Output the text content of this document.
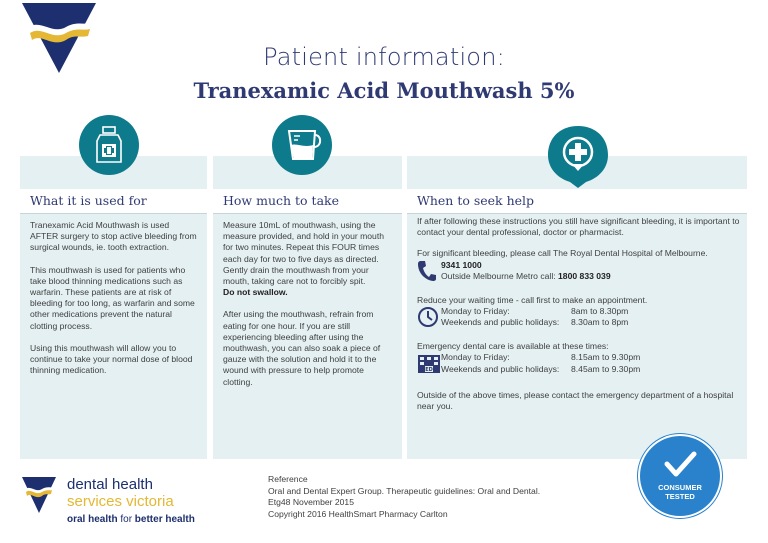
Patient information:
Tranexamic Acid Mouthwash 5%
What it is used for

Tranexamic Acid Mouthwash is used AFTER surgery to stop active bleeding from surgical wounds, ie. tooth extraction.

This mouthwash is used for patients who take blood thinning medications such as warfarin. These patients are at risk of bleeding for too long, as warfarin and some other medications prevent the natural clotting process.

Using this mouthwash will allow you to continue to take your normal dose of blood thinning medication.

How much to take

Measure 10mL of mouthwash, using the measure provided, and hold in your mouth for two minutes. Repeat this FOUR times each day for two to five days as directed. Gently drain the mouthwash from your mouth, taking care not to forcibly spit.

Do not swallow.

After using the mouthwash, refrain from eating for one hour. If you are still experiencing bleeding after using the mouthwash, you can also soak a piece of gauze with the solution and hold it to the wound with pressure to help promote clotting.

When to seek help

If after following these instructions you still have significant bleeding, it is important to contact your dental professional, doctor or pharmacist.

For significant bleeding, please call The Royal Dental Hospital of Melbourne.
9341 1000
Outside Melbourne Metro call: 1800 833 039
Reduce your waiting time - call first to make an appointment.
Monday to Friday:	8am to 8.30pm
Weekends and public holidays:	8.30am to 8pm
Emergency dental care is available at these times:
ED
Monday to Friday:	8.15am to 9.30pm
Weekends and public holidays:	8.45am to 9.30pm

Outside of the above times, please contact the emergency department of a hospital near you.

dental health
services victoria
oral health for better health
Reference
Oral and Dental Expert Group. Therapeutic guidelines: Oral and Dental.
Etg48 November 2015
Copyright 2016 HealthSmart Pharmacy Carlton
CONSUMER
TESTED
